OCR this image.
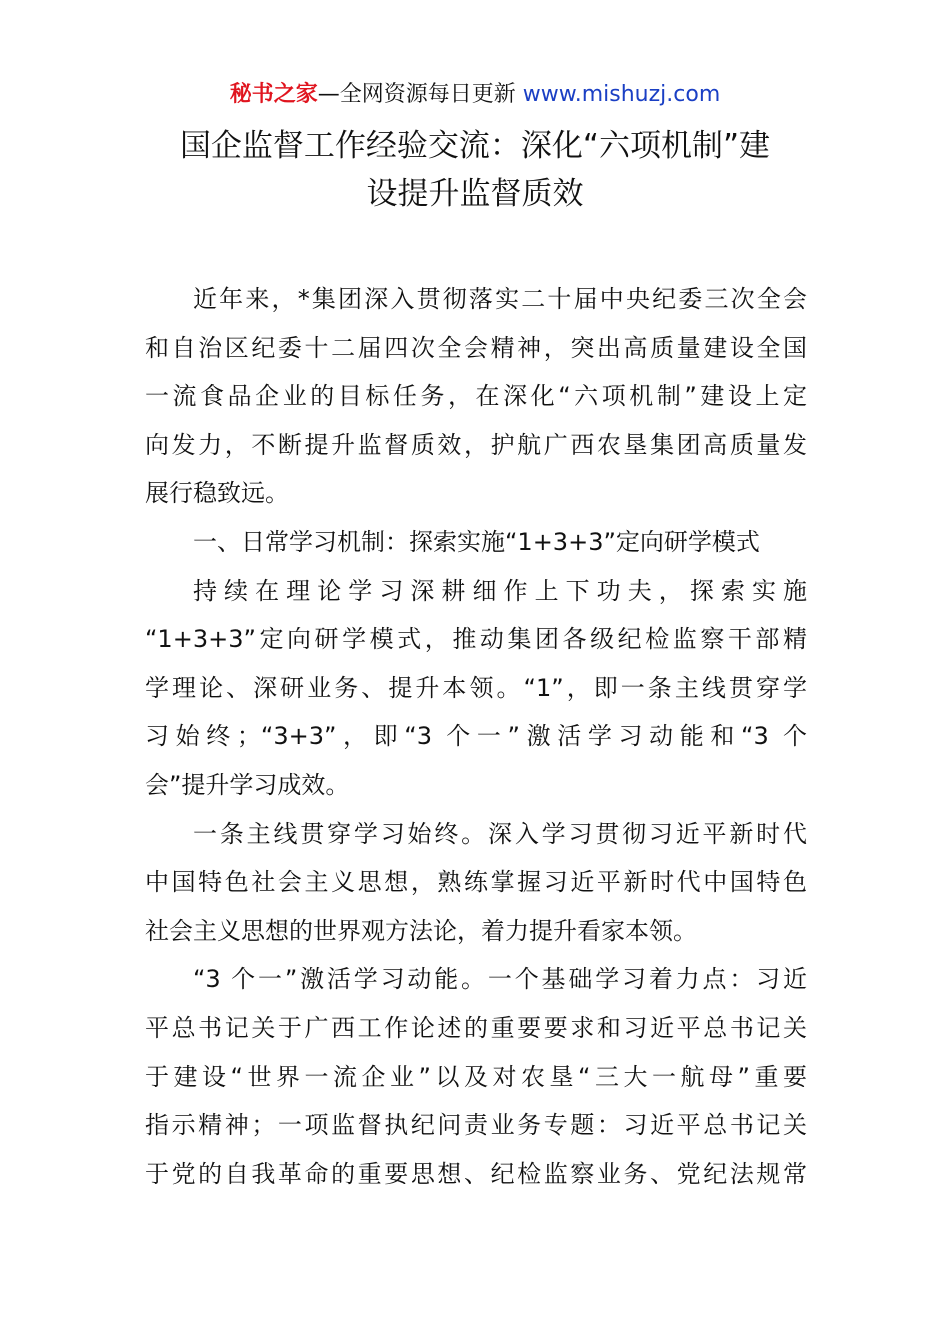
秘书之家—全网资源每日更新 www.mishuzj.com
国企监督工作经验交流：深化“六项机制”建
设提升监督质效

近年来，*集团深入贯彻落实二十届中央纪委三次全会
和自治区纪委十二届四次全会精神，突出高质量建设全国
一流食品企业的目标任务，在深化“六项机制”建设上定
向发力，不断提升监督质效，护航广西农垦集团高质量发
展行稳致远。

一、日常学习机制：探索实施“1+3+3”定向研学模式

持续在理论学习深耕细作上下功夫，探索实施
“1+3+3”定向研学模式，推动集团各级纪检监察干部精
学理论、深研业务、提升本领。“1”，即一条主线贯穿学
习始终；“3+3”，即“3 个一”激活学习动能和“3 个
会”提升学习成效。

一条主线贯穿学习始终。深入学习贯彻习近平新时代
中国特色社会主义思想，熟练掌握习近平新时代中国特色
社会主义思想的世界观方法论，着力提升看家本领。

“3 个一”激活学习动能。一个基础学习着力点：习近
平总书记关于广西工作论述的重要要求和习近平总书记关
于建设“世界一流企业”以及对农垦“三大一航母”重要
指示精神；一项监督执纪问责业务专题：习近平总书记关
于党的自我革命的重要思想、纪检监察业务、党纪法规常
